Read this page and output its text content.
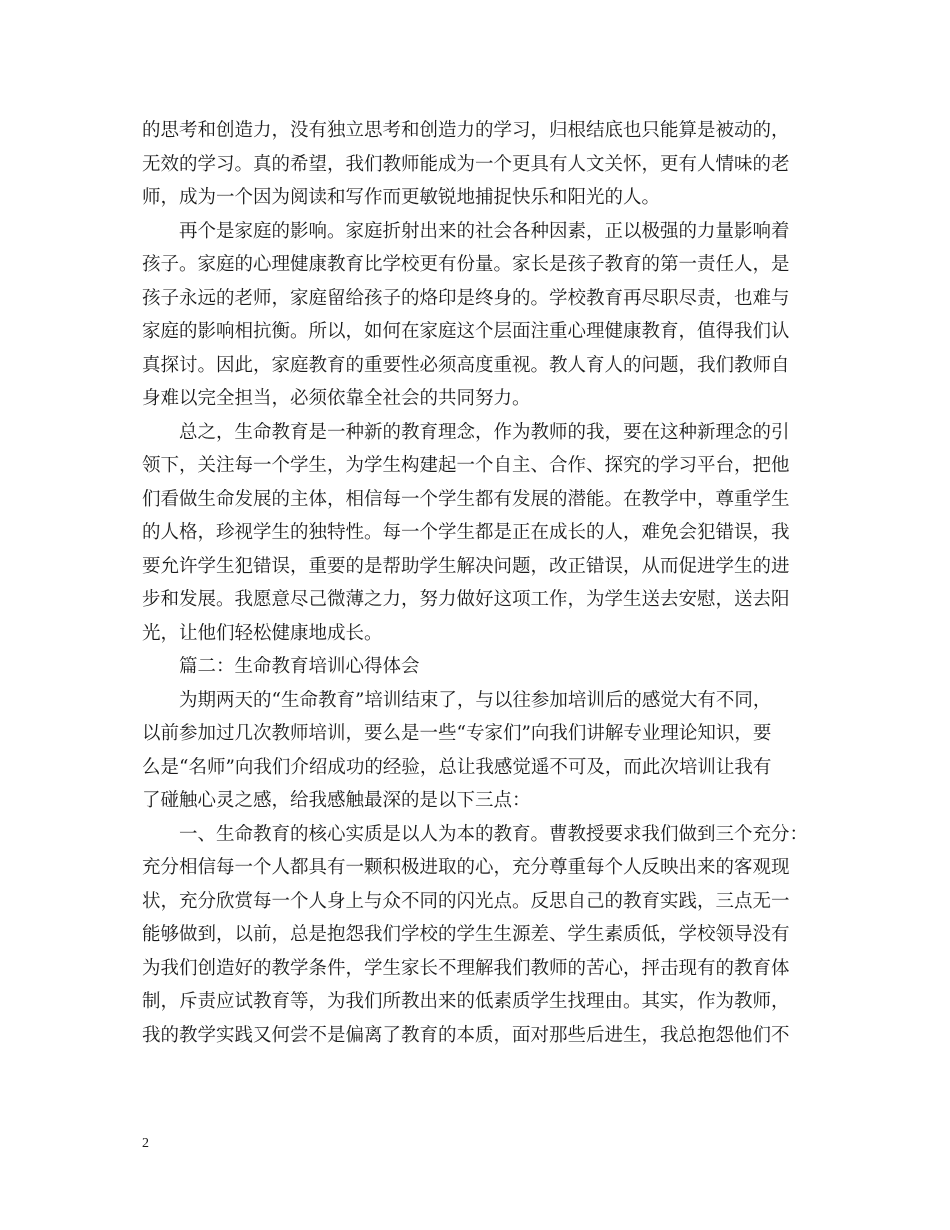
的思考和创造力，没有独立思考和创造力的学习，归根结底也只能算是被动的，
无效的学习。真的希望，我们教师能成为一个更具有人文关怀，更有人情味的老
师，成为一个因为阅读和写作而更敏锐地捕捉快乐和阳光的人。
再个是家庭的影响。家庭折射出来的社会各种因素，正以极强的力量影响着
孩子。家庭的心理健康教育比学校更有份量。家长是孩子教育的第一责任人，是
孩子永远的老师，家庭留给孩子的烙印是终身的。学校教育再尽职尽责，也难与
家庭的影响相抗衡。所以，如何在家庭这个层面注重心理健康教育，值得我们认
真探讨。因此，家庭教育的重要性必须高度重视。教人育人的问题，我们教师自
身难以完全担当，必须依靠全社会的共同努力。
总之，生命教育是一种新的教育理念，作为教师的我，要在这种新理念的引
领下，关注每一个学生，为学生构建起一个自主、合作、探究的学习平台，把他
们看做生命发展的主体，相信每一个学生都有发展的潜能。在教学中，尊重学生
的人格，珍视学生的独特性。每一个学生都是正在成长的人，难免会犯错误，我
要允许学生犯错误，重要的是帮助学生解决问题，改正错误，从而促进学生的进
步和发展。我愿意尽己微薄之力，努力做好这项工作，为学生送去安慰，送去阳
光，让他们轻松健康地成长。
篇二：生命教育培训心得体会
为期两天的“生命教育”培训结束了，与以往参加培训后的感觉大有不同，
以前参加过几次教师培训，要么是一些“专家们”向我们讲解专业理论知识，要
么是“名师”向我们介绍成功的经验，总让我感觉遥不可及，而此次培训让我有
了碰触心灵之感，给我感触最深的是以下三点：
一、生命教育的核心实质是以人为本的教育。曹教授要求我们做到三个充分：
充分相信每一个人都具有一颗积极进取的心，充分尊重每个人反映出来的客观现
状，充分欣赏每一个人身上与众不同的闪光点。反思自己的教育实践，三点无一
能够做到，以前，总是抱怨我们学校的学生生源差、学生素质低，学校领导没有
为我们创造好的教学条件，学生家长不理解我们教师的苦心，抨击现有的教育体
制，斥责应试教育等，为我们所教出来的低素质学生找理由。其实，作为教师，
我的教学实践又何尝不是偏离了教育的本质，面对那些后进生，我总抱怨他们不
2
